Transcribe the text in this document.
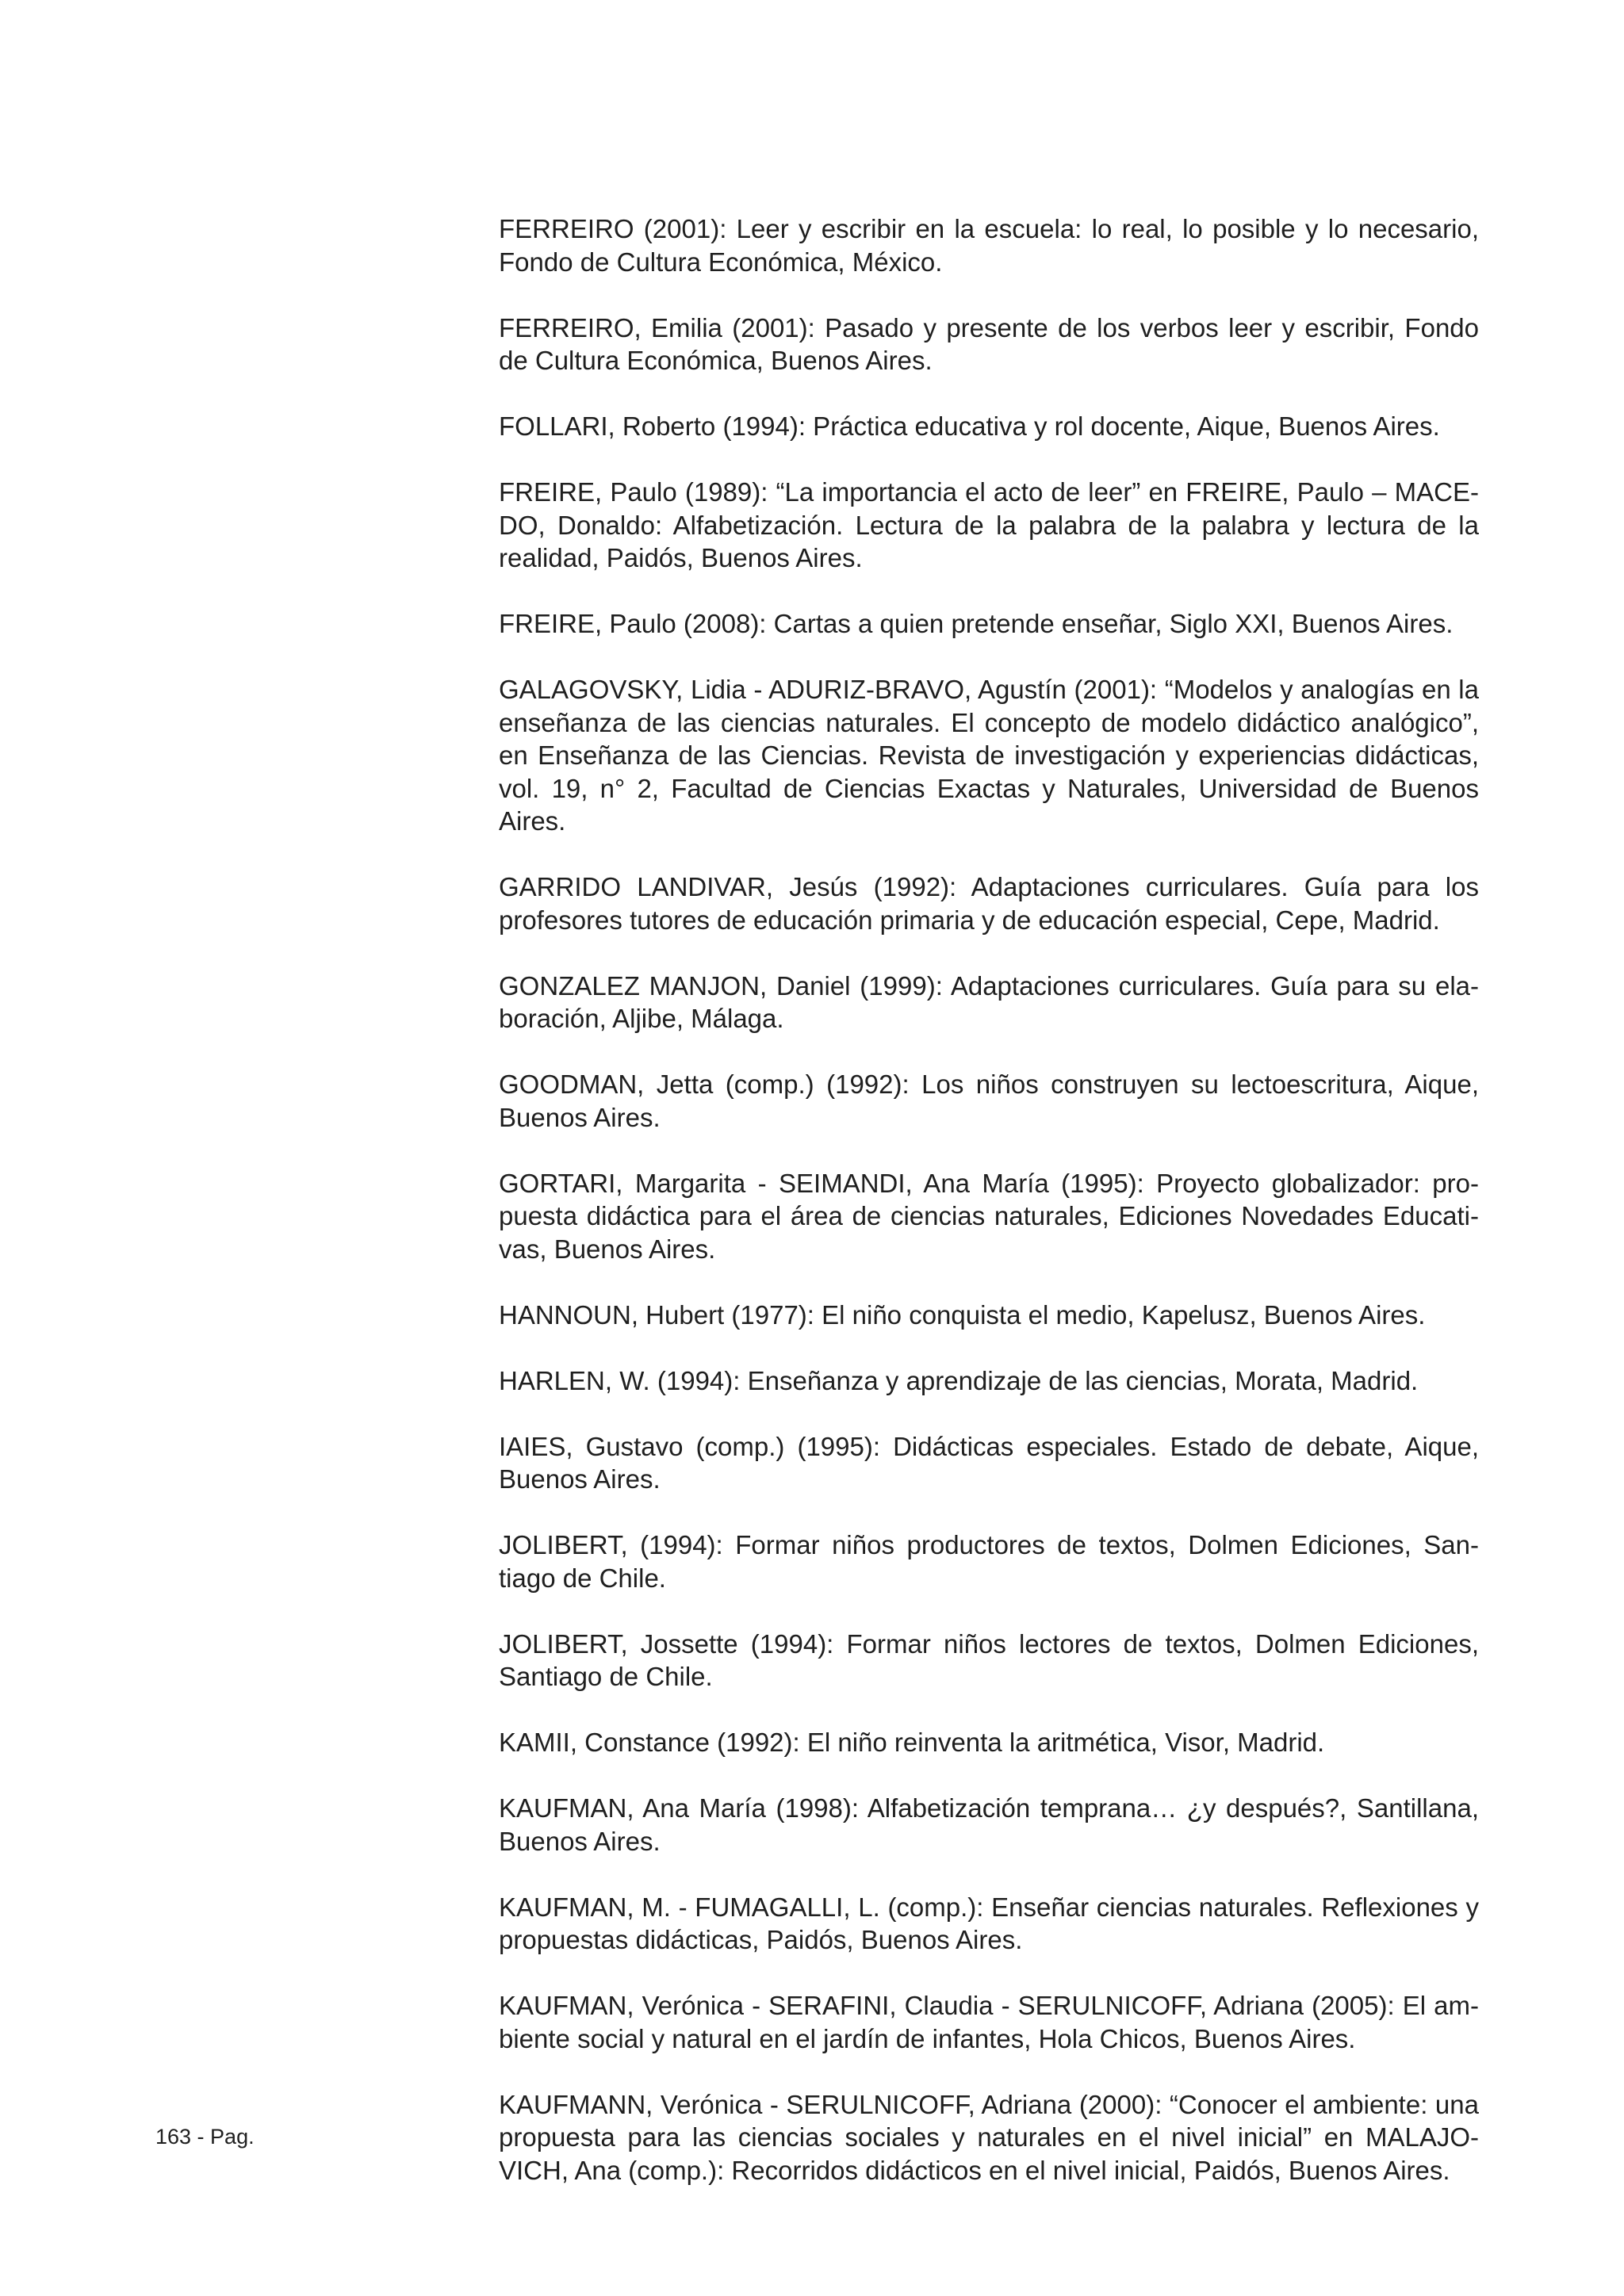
FERREIRO (2001): Leer y escribir en la escuela: lo real, lo posible y lo necesario, Fondo de Cultura Económica, México.
FERREIRO, Emilia (2001): Pasado y presente de los verbos leer y escribir, Fondo de Cultura Económica, Buenos Aires.
FOLLARI, Roberto (1994): Práctica educativa y rol docente, Aique, Buenos Aires.
FREIRE, Paulo (1989): “La importancia el acto de leer” en FREIRE, Paulo – MACEDO, Donaldo: Alfabetización. Lectura de la palabra de la palabra y lectura de la realidad, Paidós, Buenos Aires.
FREIRE, Paulo (2008): Cartas a quien pretende enseñar, Siglo XXI, Buenos Aires.
GALAGOVSKY, Lidia - ADURIZ-BRAVO, Agustín (2001): “Modelos y analogías en la enseñanza de las ciencias naturales. El concepto de modelo didáctico analógico”, en Enseñanza de las Ciencias. Revista de investigación y experiencias didácticas, vol. 19, n° 2, Facultad de Ciencias Exactas y Naturales, Universidad de Buenos Aires.
GARRIDO LANDIVAR, Jesús (1992): Adaptaciones curriculares. Guía para los profesores tutores de educación primaria y de educación especial, Cepe, Madrid.
GONZALEZ MANJON, Daniel (1999): Adaptaciones curriculares. Guía para su elaboración, Aljibe, Málaga.
GOODMAN, Jetta (comp.) (1992): Los niños construyen su lectoescritura, Aique, Buenos Aires.
GORTARI, Margarita - SEIMANDI, Ana María (1995): Proyecto globalizador: propuesta didáctica para el área de ciencias naturales, Ediciones Novedades Educativas, Buenos Aires.
HANNOUN, Hubert (1977): El niño conquista el medio, Kapelusz, Buenos Aires.
HARLEN, W. (1994): Enseñanza y aprendizaje de las ciencias, Morata, Madrid.
IAIES, Gustavo (comp.) (1995): Didácticas especiales. Estado de debate, Aique, Buenos Aires.
JOLIBERT, (1994): Formar niños productores de textos, Dolmen Ediciones, Santiago de Chile.
JOLIBERT, Jossette (1994): Formar niños lectores de textos, Dolmen Ediciones, Santiago de Chile.
KAMII, Constance (1992): El niño reinventa la aritmética, Visor, Madrid.
KAUFMAN, Ana María (1998): Alfabetización temprana… ¿y después?, Santillana, Buenos Aires.
KAUFMAN, M. - FUMAGALLI, L. (comp.): Enseñar ciencias naturales. Reflexiones y propuestas didácticas, Paidós, Buenos Aires.
KAUFMAN, Verónica - SERAFINI, Claudia - SERULNICOFF, Adriana (2005): El ambiente social y natural en el jardín de infantes, Hola Chicos, Buenos Aires.
KAUFMANN, Verónica - SERULNICOFF, Adriana (2000): “Conocer el ambiente: una propuesta para las ciencias sociales y naturales en el nivel inicial” en MALAJOVICH, Ana (comp.): Recorridos didácticos en el nivel inicial, Paidós, Buenos Aires.
163 - Pag.
